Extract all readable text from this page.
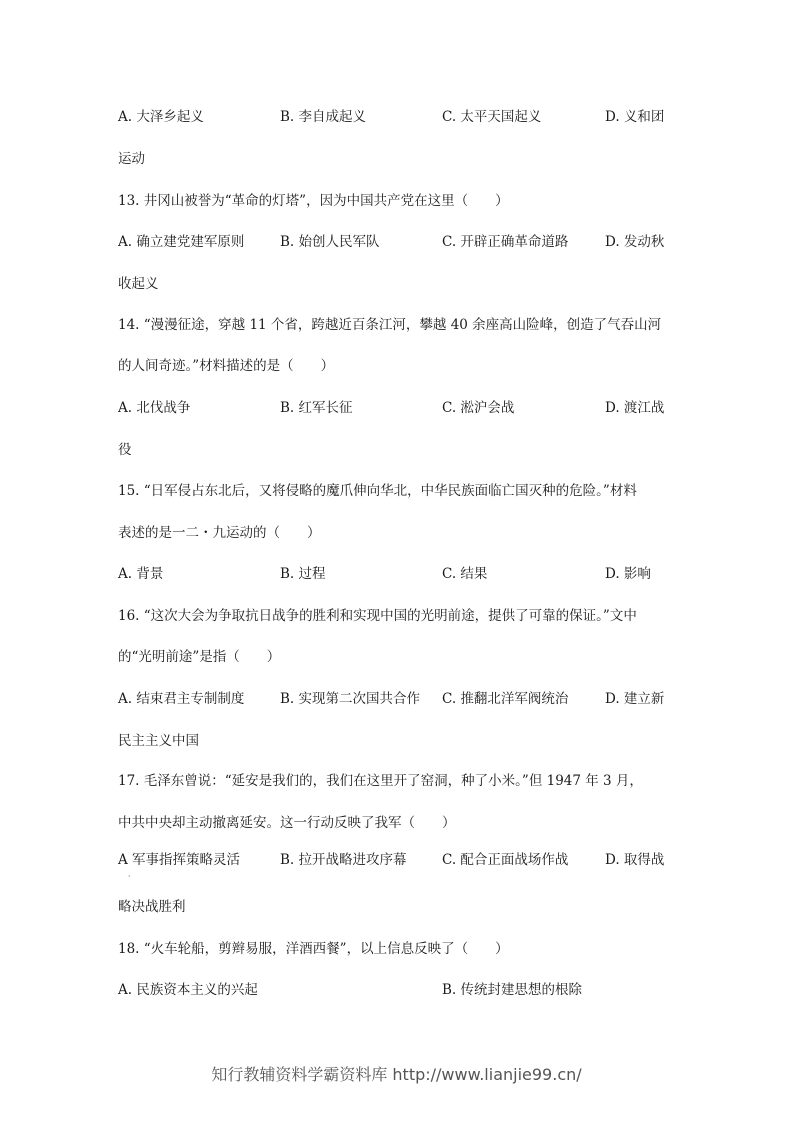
A. 大泽乡起义	B. 李自成起义	C. 太平天国起义	D. 义和团
运动
13. 井冈山被誉为“革命的灯塔”，因为中国共产党在这里（　　）
A. 确立建党建军原则	B. 始创人民军队	C. 开辟正确革命道路	D. 发动秋
收起义
14. “漫漫征途，穿越 11 个省，跨越近百条江河，攀越 40 余座高山险峰，创造了气吞山河
的人间奇迹。”材料描述的是（　　）
A. 北伐战争	B. 红军长征	C. 淞沪会战	D. 渡江战
役
15. “日军侵占东北后，又将侵略的魔爪伸向华北，中华民族面临亡国灭种的危险。”材料
表述的是一二・九运动的（　　）
A. 背景	B. 过程	C. 结果	D. 影响
16. “这次大会为争取抗日战争的胜利和实现中国的光明前途，提供了可靠的保证。”文中
的“光明前途”是指（　　）
A. 结束君主专制制度	B. 实现第二次国共合作 C. 推翻北洋军阀统治	D. 建立新
民主主义中国
17. 毛泽东曾说：“延安是我们的，我们在这里开了窑洞，种了小米。”但 1947 年 3 月，
中共中央却主动撤离延安。这一行动反映了我军（　　）
A 军事指挥策略灵活	B. 拉开战略进攻序幕	C. 配合正面战场作战	D. 取得战
·
略决战胜利
18. “火车轮船，剪辫易服，洋酒西餐”，以上信息反映了（　　）
A. 民族资本主义的兴起	B. 传统封建思想的根除
知行教辅资料学霸资料库 http://www.lianjie99.cn/
